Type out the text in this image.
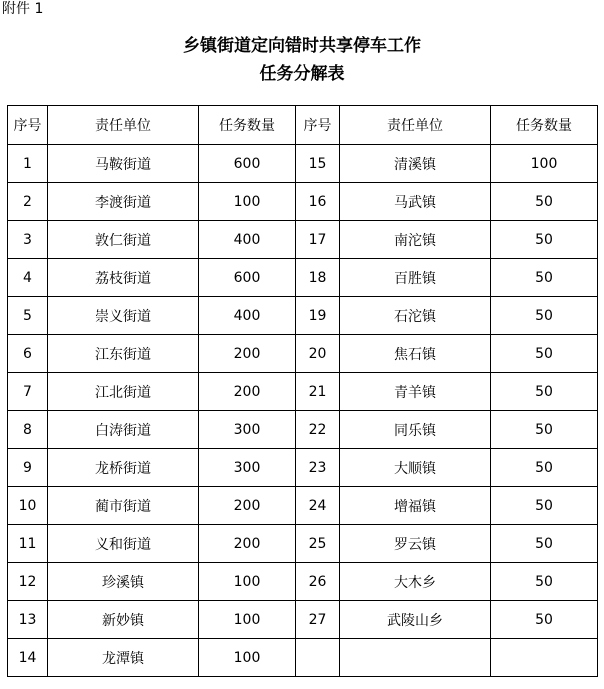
附件 1
乡镇街道定向错时共享停车工作
任务分解表
序号	责任单位	任务数量	序号	责任单位	任务数量
1	马鞍街道	600	15	清溪镇	100
2	李渡街道	100	16	马武镇	50
3	敦仁街道	400	17	南沱镇	50
4	荔枝街道	600	18	百胜镇	50
5	崇义街道	400	19	石沱镇	50
6	江东街道	200	20	焦石镇	50
7	江北街道	200	21	青羊镇	50
8	白涛街道	300	22	同乐镇	50
9	龙桥街道	300	23	大顺镇	50
10	蔺市街道	200	24	增福镇	50
11	义和街道	200	25	罗云镇	50
12	珍溪镇	100	26	大木乡	50
13	新妙镇	100	27	武陵山乡	50
14	龙潭镇	100			
